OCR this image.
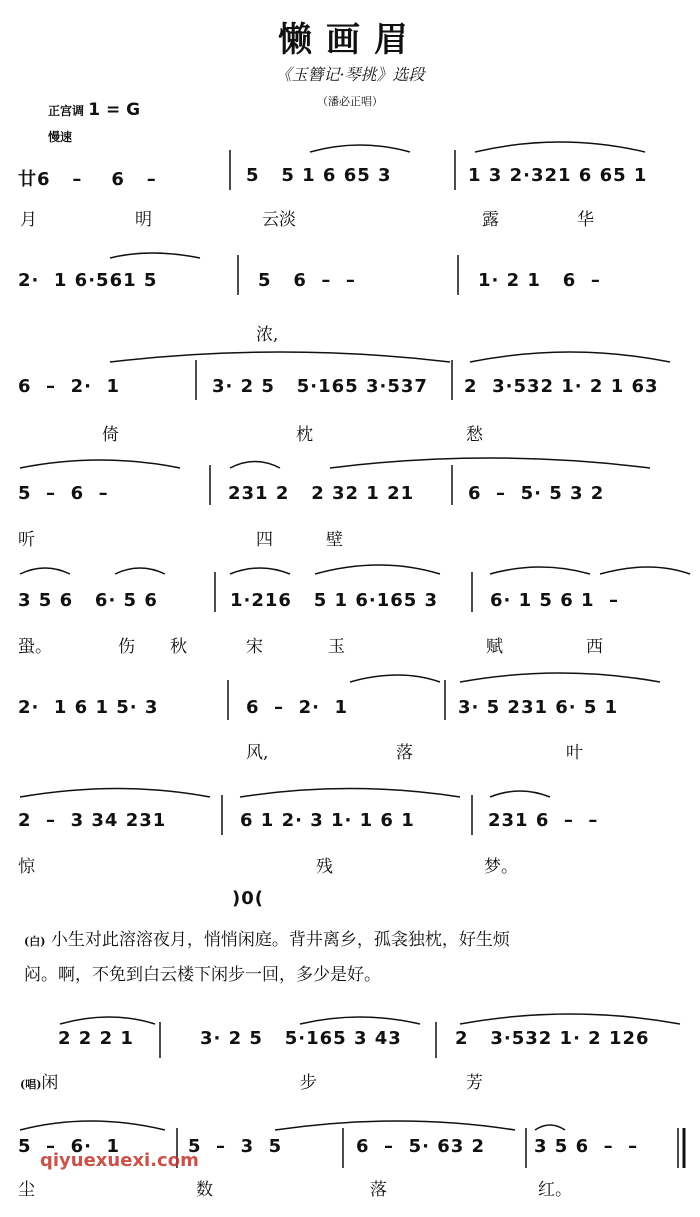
懒画眉
《玉簪记·琴挑》选段
（潘必正唱）
正宫调 1 = G
慢速
廿6 – 6 –	5 5 1 6 65 3	1 3 2·321 6 65 1
月	明	云淡	露	华
2·  1 6·561 5	5 6  –  –	1· 2 1 6  –
浓,
6  –  2·  1	3· 2 5 5·165 3·537 2 3·532 1· 2 1 63
倚	枕	愁
5  –  6  –	231 2 2 32 1 21	6  –  5· 5 3 2
听	四	壁
3 5 6 6· 5 6	1·216 5 1 6·165 3	6· 1 5 6 1  –
蛩。	伤 秋	宋	玉	赋	西
2·  1 6 1 5· 3	6  –  2·  1	3· 5 231 6· 5 1
风,	落	叶
2  –  3 34 231	6 1 2· 3 1· 1 6 1	231 6  –  –
惊	残	梦。
)0(
(白) 小生对此溶溶夜月，悄悄闲庭。背井离乡，孤衾独枕，好生烦
闷。啊，不免到白云楼下闲步一回，多少是好。
2 2 2 1	3· 2 5 5·165 3 43	2 3·532 1· 2 126
(唱)闲	步	芳
5  –  6·  1	5  –  3  5	6  –  5· 63 2	3 5 6  –  –
尘	数	落	红。
qiyuexuexi.com
